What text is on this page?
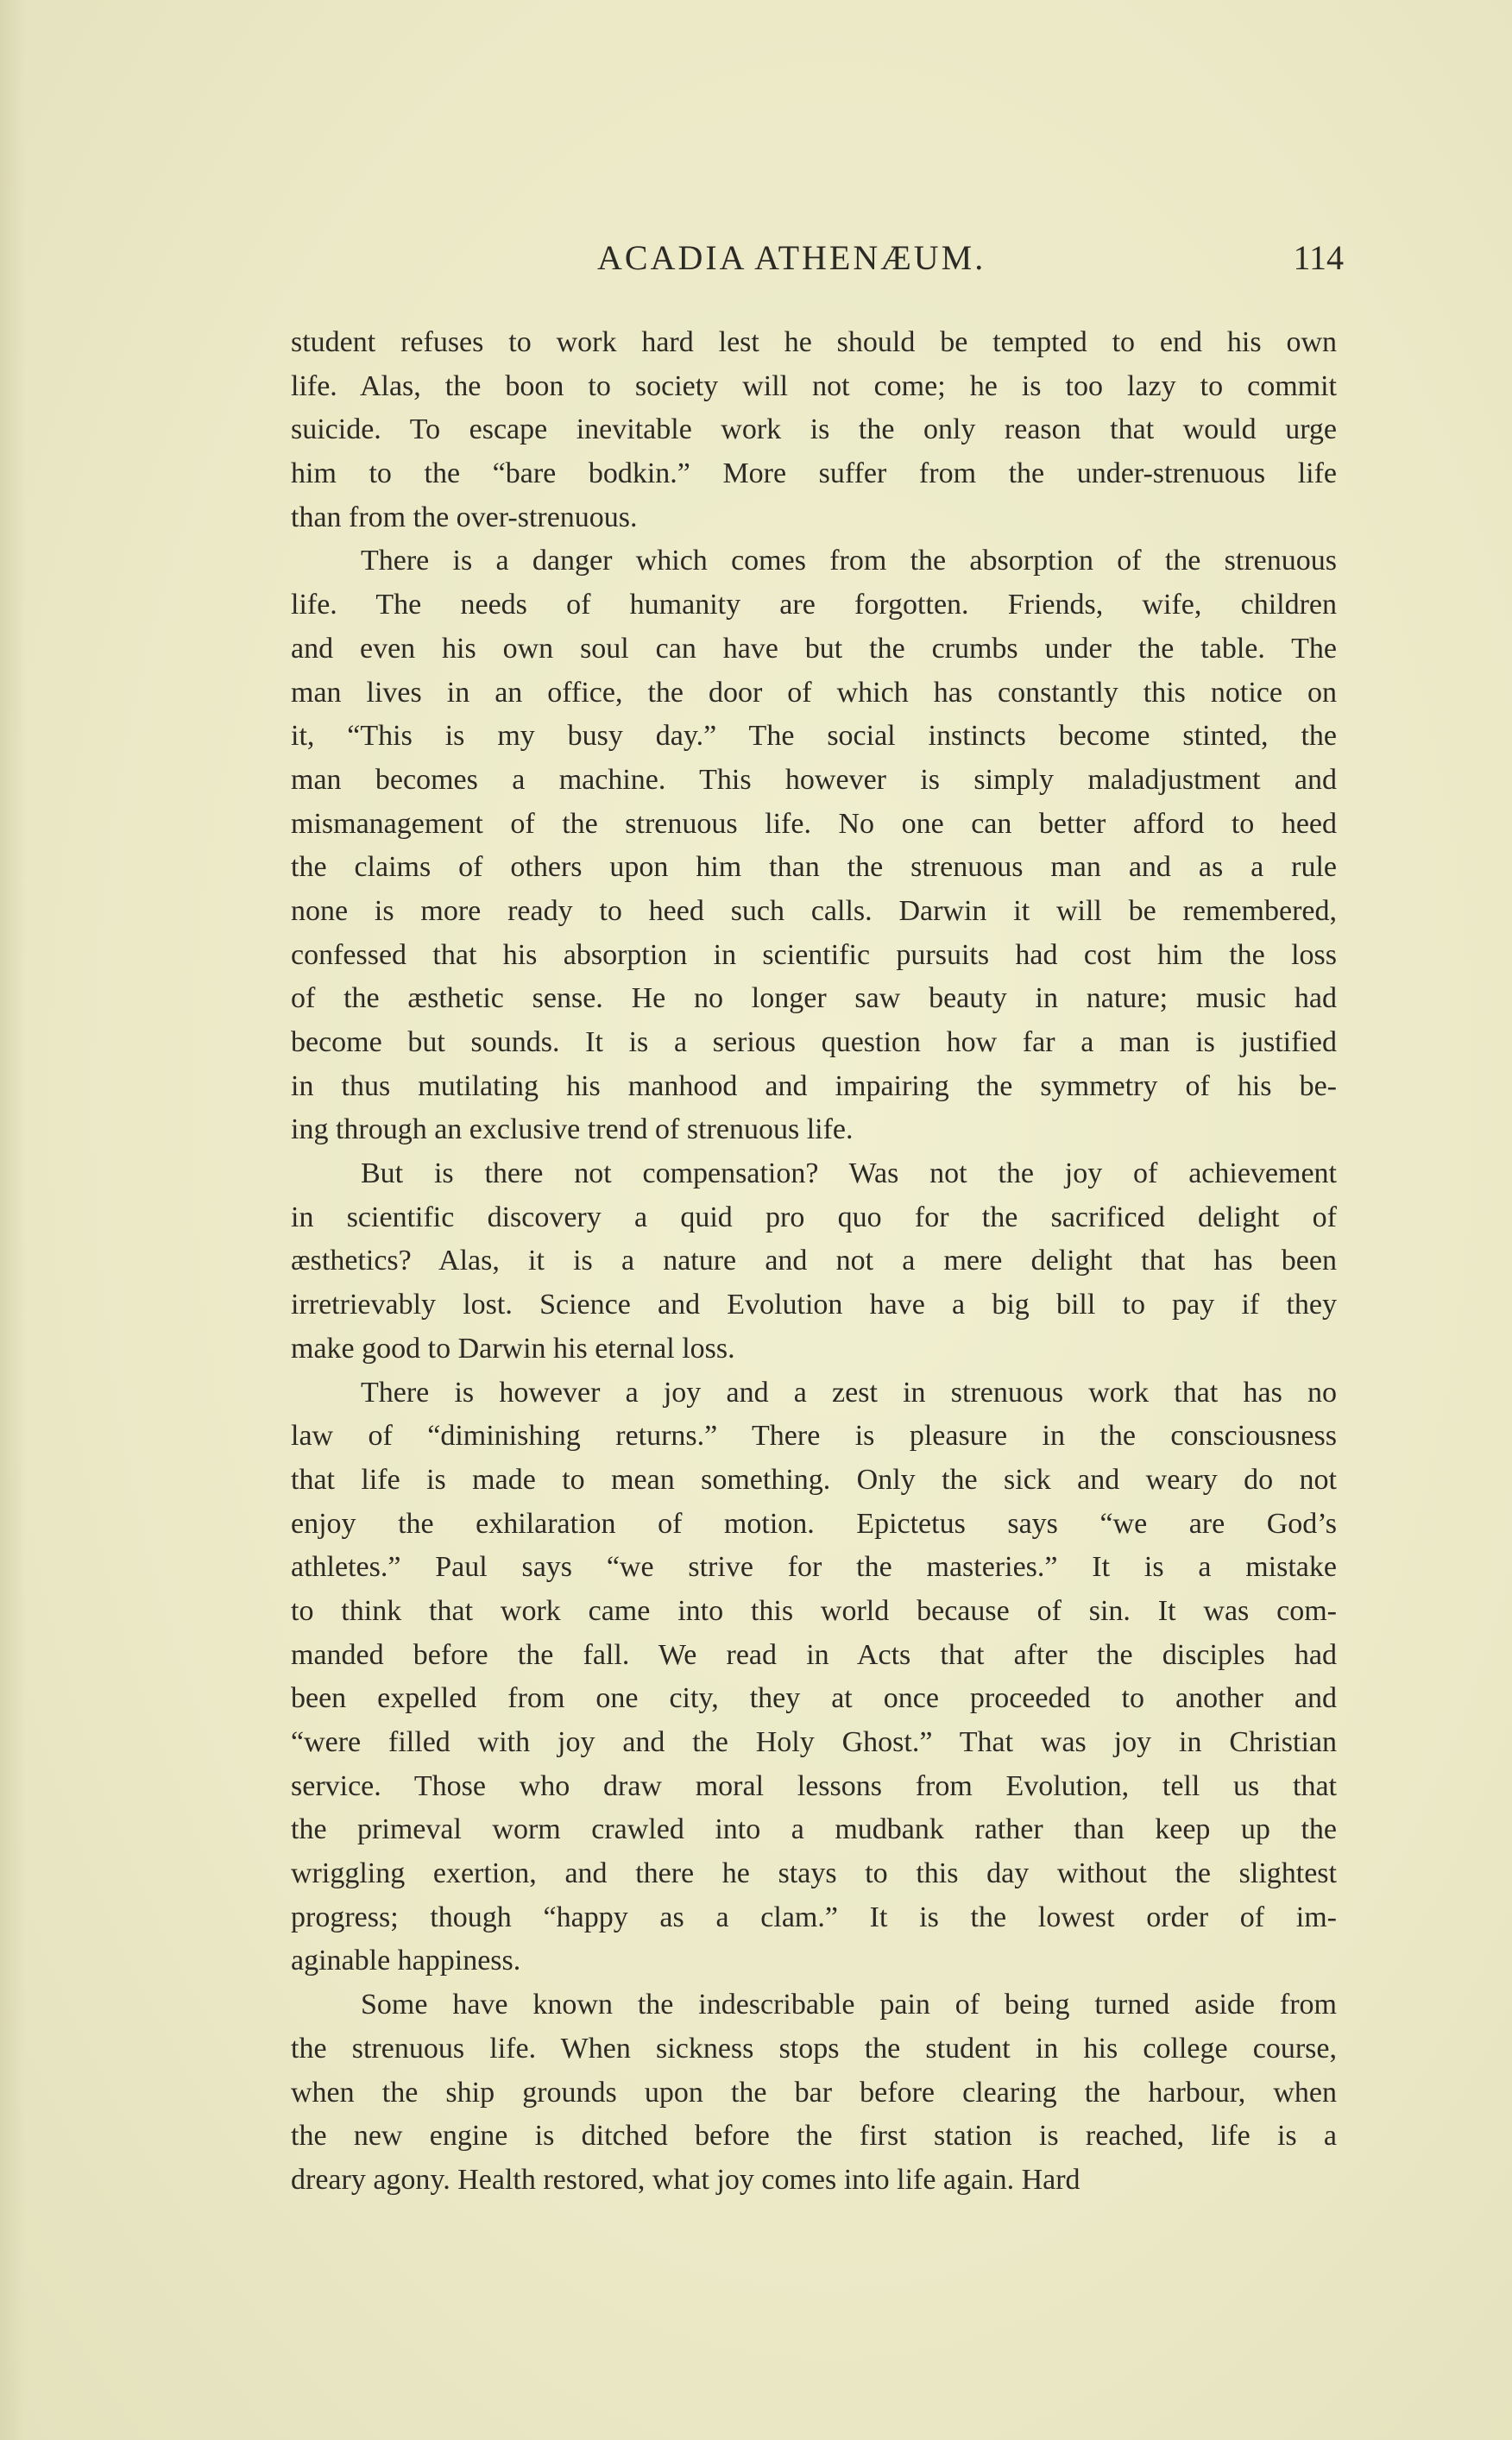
ACADIA ATHENÆUM.	114
student refuses to work hard lest he should be tempted to end his own
life. Alas, the boon to society will not come; he is too lazy to commit
suicide. To escape inevitable work is the only reason that would urge
him to the “bare bodkin.” More suffer from the under-strenuous life
than from the over-strenuous.
There is a danger which comes from the absorption of the strenuous
life. The needs of humanity are forgotten. Friends, wife, children
and even his own soul can have but the crumbs under the table. The
man lives in an office, the door of which has constantly this notice on
it, “This is my busy day.” The social instincts become stinted, the
man becomes a machine. This however is simply maladjustment and
mismanagement of the strenuous life. No one can better afford to heed
the claims of others upon him than the strenuous man and as a rule
none is more ready to heed such calls. Darwin it will be remembered,
confessed that his absorption in scientific pursuits had cost him the loss
of the æsthetic sense. He no longer saw beauty in nature; music had
become but sounds. It is a serious question how far a man is justified
in thus mutilating his manhood and impairing the symmetry of his be-
ing through an exclusive trend of strenuous life.
But is there not compensation? Was not the joy of achievement
in scientific discovery a quid pro quo for the sacrificed delight of
æsthetics? Alas, it is a nature and not a mere delight that has been
irretrievably lost. Science and Evolution have a big bill to pay if they
make good to Darwin his eternal loss.
There is however a joy and a zest in strenuous work that has no
law of “diminishing returns.” There is pleasure in the consciousness
that life is made to mean something. Only the sick and weary do not
enjoy the exhilaration of motion. Epictetus says “we are God’s
athletes.” Paul says “we strive for the masteries.” It is a mistake
to think that work came into this world because of sin. It was com-
manded before the fall. We read in Acts that after the disciples had
been expelled from one city, they at once proceeded to another and
“were filled with joy and the Holy Ghost.” That was joy in Christian
service. Those who draw moral lessons from Evolution, tell us that
the primeval worm crawled into a mudbank rather than keep up the
wriggling exertion, and there he stays to this day without the slightest
progress; though “happy as a clam.” It is the lowest order of im-
aginable happiness.
Some have known the indescribable pain of being turned aside from
the strenuous life. When sickness stops the student in his college course,
when the ship grounds upon the bar before clearing the harbour, when
the new engine is ditched before the first station is reached, life is a
dreary agony. Health restored, what joy comes into life again. Hard
